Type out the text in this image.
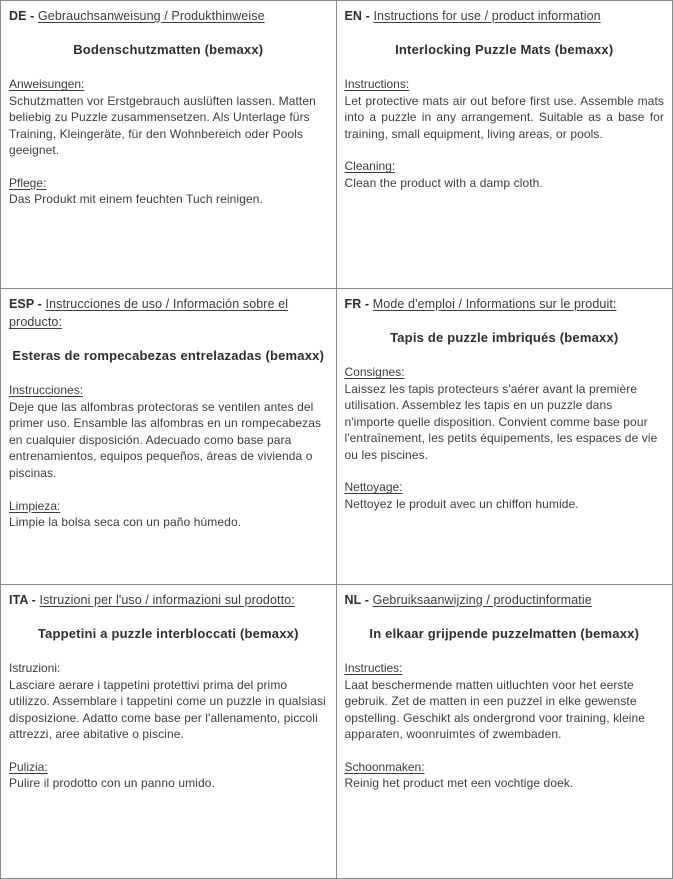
DE - Gebrauchsanweisung / Produkthinweise
Bodenschutzmatten (bemaxx)
Anweisungen:

Schutzmatten vor Erstgebrauch auslüften lassen. Matten beliebig zu Puzzle zusammensetzen. Als Unterlage fürs Training, Kleingeräte, für den Wohnbereich oder Pools geeignet.

Pflege:

Das Produkt mit einem feuchten Tuch reinigen.

EN - Instructions for use / product information
Interlocking Puzzle Mats (bemaxx)
Instructions:

Let protective mats air out before first use. Assemble mats into a puzzle in any arrangement. Suitable as a base for training, small equipment, living areas, or pools.

Cleaning:

Clean the product with a damp cloth.

ESP - Instrucciones de uso / Información sobre el producto:
Esteras de rompecabezas entrelazadas (bemaxx)
Instrucciones:

Deje que las alfombras protectoras se ventilen antes del primer uso. Ensamble las alfombras en un rompecabezas en cualquier disposición. Adecuado como base para entrenamientos, equipos pequeños, áreas de vivienda o piscinas.

Limpieza:

Limpie la bolsa seca con un paño húmedo.

FR - Mode d'emploi / Informations sur le produit:
Tapis de puzzle imbriqués (bemaxx)
Consignes:

Laissez les tapis protecteurs s'aérer avant la première utilisation. Assemblez les tapis en un puzzle dans n'importe quelle disposition. Convient comme base pour l'entraînement, les petits équipements, les espaces de vie ou les piscines.

Nettoyage:

Nettoyez le produit avec un chiffon humide.

ITA - Istruzioni per l'uso / informazioni sul prodotto:
Tappetini a puzzle interbloccati (bemaxx)
Istruzioni:

Lasciare aerare i tappetini protettivi prima del primo utilizzo. Assemblare i tappetini come un puzzle in qualsiasi disposizione. Adatto come base per l'allenamento, piccoli attrezzi, aree abitative o piscine.

Pulizia:

Pulire il prodotto con un panno umido.

NL - Gebruiksaanwijzing / productinformatie
In elkaar grijpende puzzelmatten (bemaxx)
Instructies:

Laat beschermende matten uitluchten voor het eerste gebruik. Zet de matten in een puzzel in elke gewenste opstelling. Geschikt als ondergrond voor training, kleine apparaten, woonruimtes of zwembaden.

Schoonmaken:

Reinig het product met een vochtige doek.
